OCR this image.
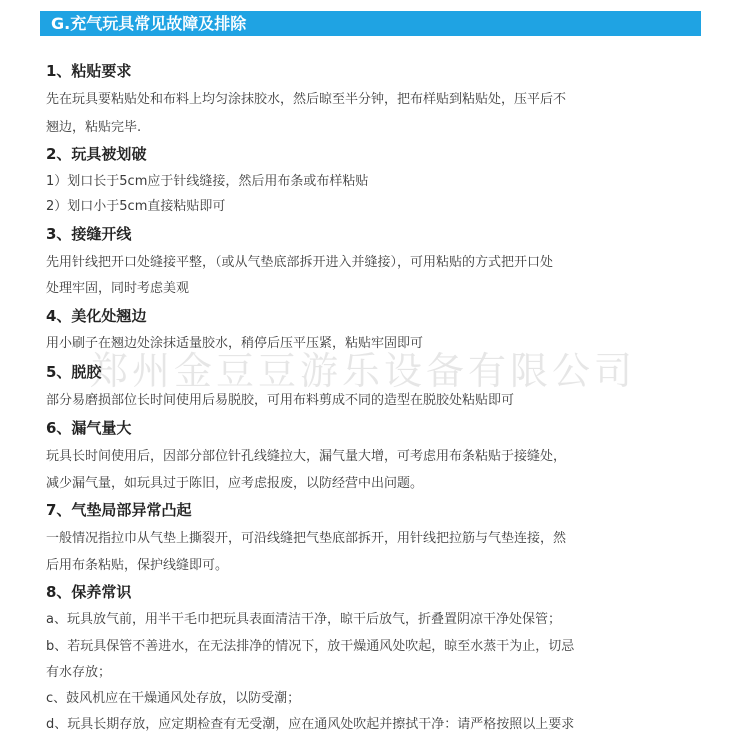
G.充气玩具常见故障及排除
郑州金豆豆游乐设备有限公司
1、粘贴要求
先在玩具要粘贴处和布料上均匀涂抹胶水，然后晾至半分钟，把布样贴到粘贴处，压平后不
翘边，粘贴完毕.
2、玩具被划破
1）划口长于5cm应于针线缝接，然后用布条或布样粘贴
2）划口小于5cm直接粘贴即可
3、接缝开线
先用针线把开口处缝接平整，（或从气垫底部拆开进入并缝接），可用粘贴的方式把开口处
处理牢固，同时考虑美观
4、美化处翘边
用小刷子在翘边处涂抹适量胶水，稍停后压平压紧，粘贴牢固即可
5、脱胶
部分易磨损部位长时间使用后易脱胶，可用布料剪成不同的造型在脱胶处粘贴即可
6、漏气量大
玩具长时间使用后，因部分部位针孔线缝拉大，漏气量大增，可考虑用布条粘贴于接缝处，
减少漏气量，如玩具过于陈旧，应考虑报废，以防经营中出问题。
7、气垫局部异常凸起
一般情况指拉巾从气垫上撕裂开，可沿线缝把气垫底部拆开，用针线把拉筋与气垫连接，然
后用布条粘贴，保护线缝即可。
8、保养常识
a、玩具放气前，用半干毛巾把玩具表面清洁干净，晾干后放气，折叠置阴凉干净处保管；
b、若玩具保管不善进水，在无法排净的情况下，放干燥通风处吹起，晾至水蒸干为止，切忌
有水存放；
c、鼓风机应在干燥通风处存放，以防受潮；
d、玩具长期存放，应定期检查有无受潮，应在通风处吹起并擦拭干净：请严格按照以上要求
